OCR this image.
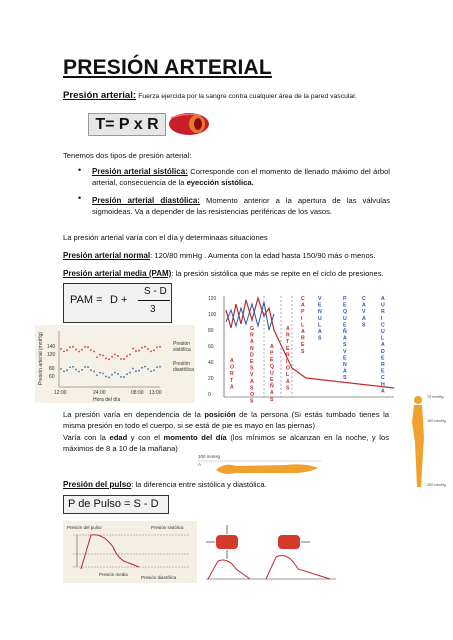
PRESIÓN ARTERIAL
Presión arterial: Fuerza ejercida por la sangre contra cualquier área de la pared vascular.
T= P x R
Tenemos dos tipos de presión arterial:
• Presión arterial sistólica: Corresponde con el momento de llenado máximo del árbol arterial, consecuencia de la eyección sistólica.
• Presión arterial diastólica: Momento anterior a la apertura de las válvulas sigmoideas. Va a depender de las resistencias periféricas de los vasos.
La presión arterial varía con el día y determinaas situaciones
Presión arterial normal: 120/80 mmHg . Aumenta con la edad hasta 150/90 más o menos.
Presión arterial media (PAM): la presión sistólica que más se repite en el ciclo de presiones.
PAM = D +
S - D
3
Presión arterial (mmHg) 140
120
80
60
12:00	24:00	08:00 13:00
Hora del día
Presión
sistólica
Presión
diastólica
120
100
80
60
40
20
0
A O R T A
G R A N D E S V A S O S
A P E Q U E Ñ A S
A R T E R I O L A S
C A P I L A R E S
V E N U L A S
P E Q U E Ñ A S V E N A S
C A V A S
A U R I C U L A D E R E C H A
La presión varía en dependencia de la posición de la persona (Si estás tumbado tienes la misma presión en todo el cuerpo, si se está de pie es mayo en las piernas)
Varía con la edad y con el momento del día (los mínimos se alcanzan en la noche, y los máximos de 8 a 10 de la mañana)
100 mmHg
A
75 mmHg
100 mmHg
200 mmHg
Presión del pulso: la diferencia entre sistólica y diastólica.
P de Pulso = S - D
Presión del pulso	Presión sistólica
Presión media
Presión diastólica
